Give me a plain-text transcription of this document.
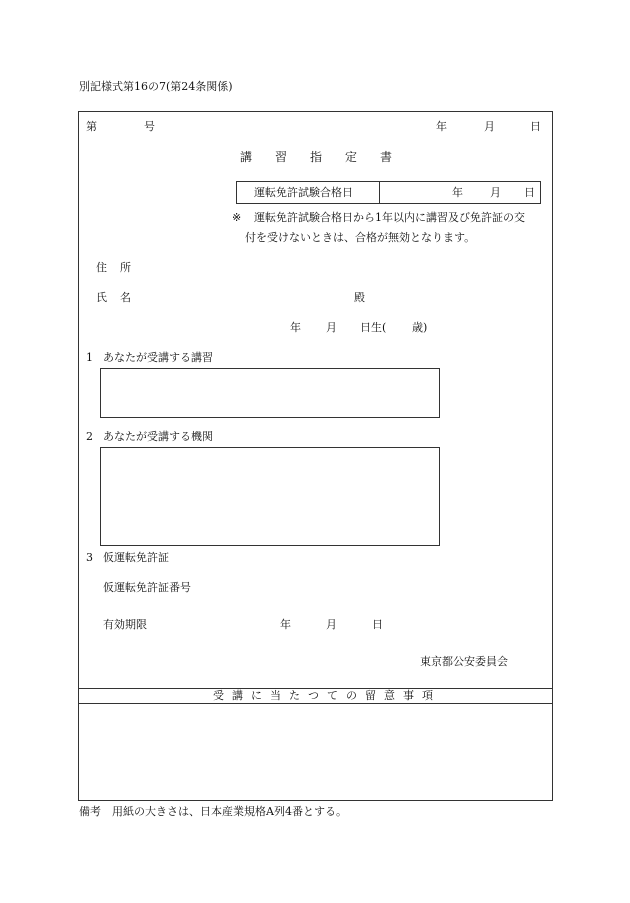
別記様式第16の7(第24条関係)
第	号	年	月	日
講 習 指 定 書
運転免許試験合格日	年 月 日
※ 運転免許試験合格日から1年以内に講習及び免許証の交
付を受けないときは、合格が無効となります。
住 所
氏 名	殿
年 月 日生( 歳)
1 あなたが受講する講習
2 あなたが受講する機関
3 仮運転免許証
仮運転免許証番号
有効期限	年	月	日
東京都公安委員会
受 講 に 当 た つ て の 留 意 事 項
備考　用紙の大きさは、日本産業規格A列4番とする。
